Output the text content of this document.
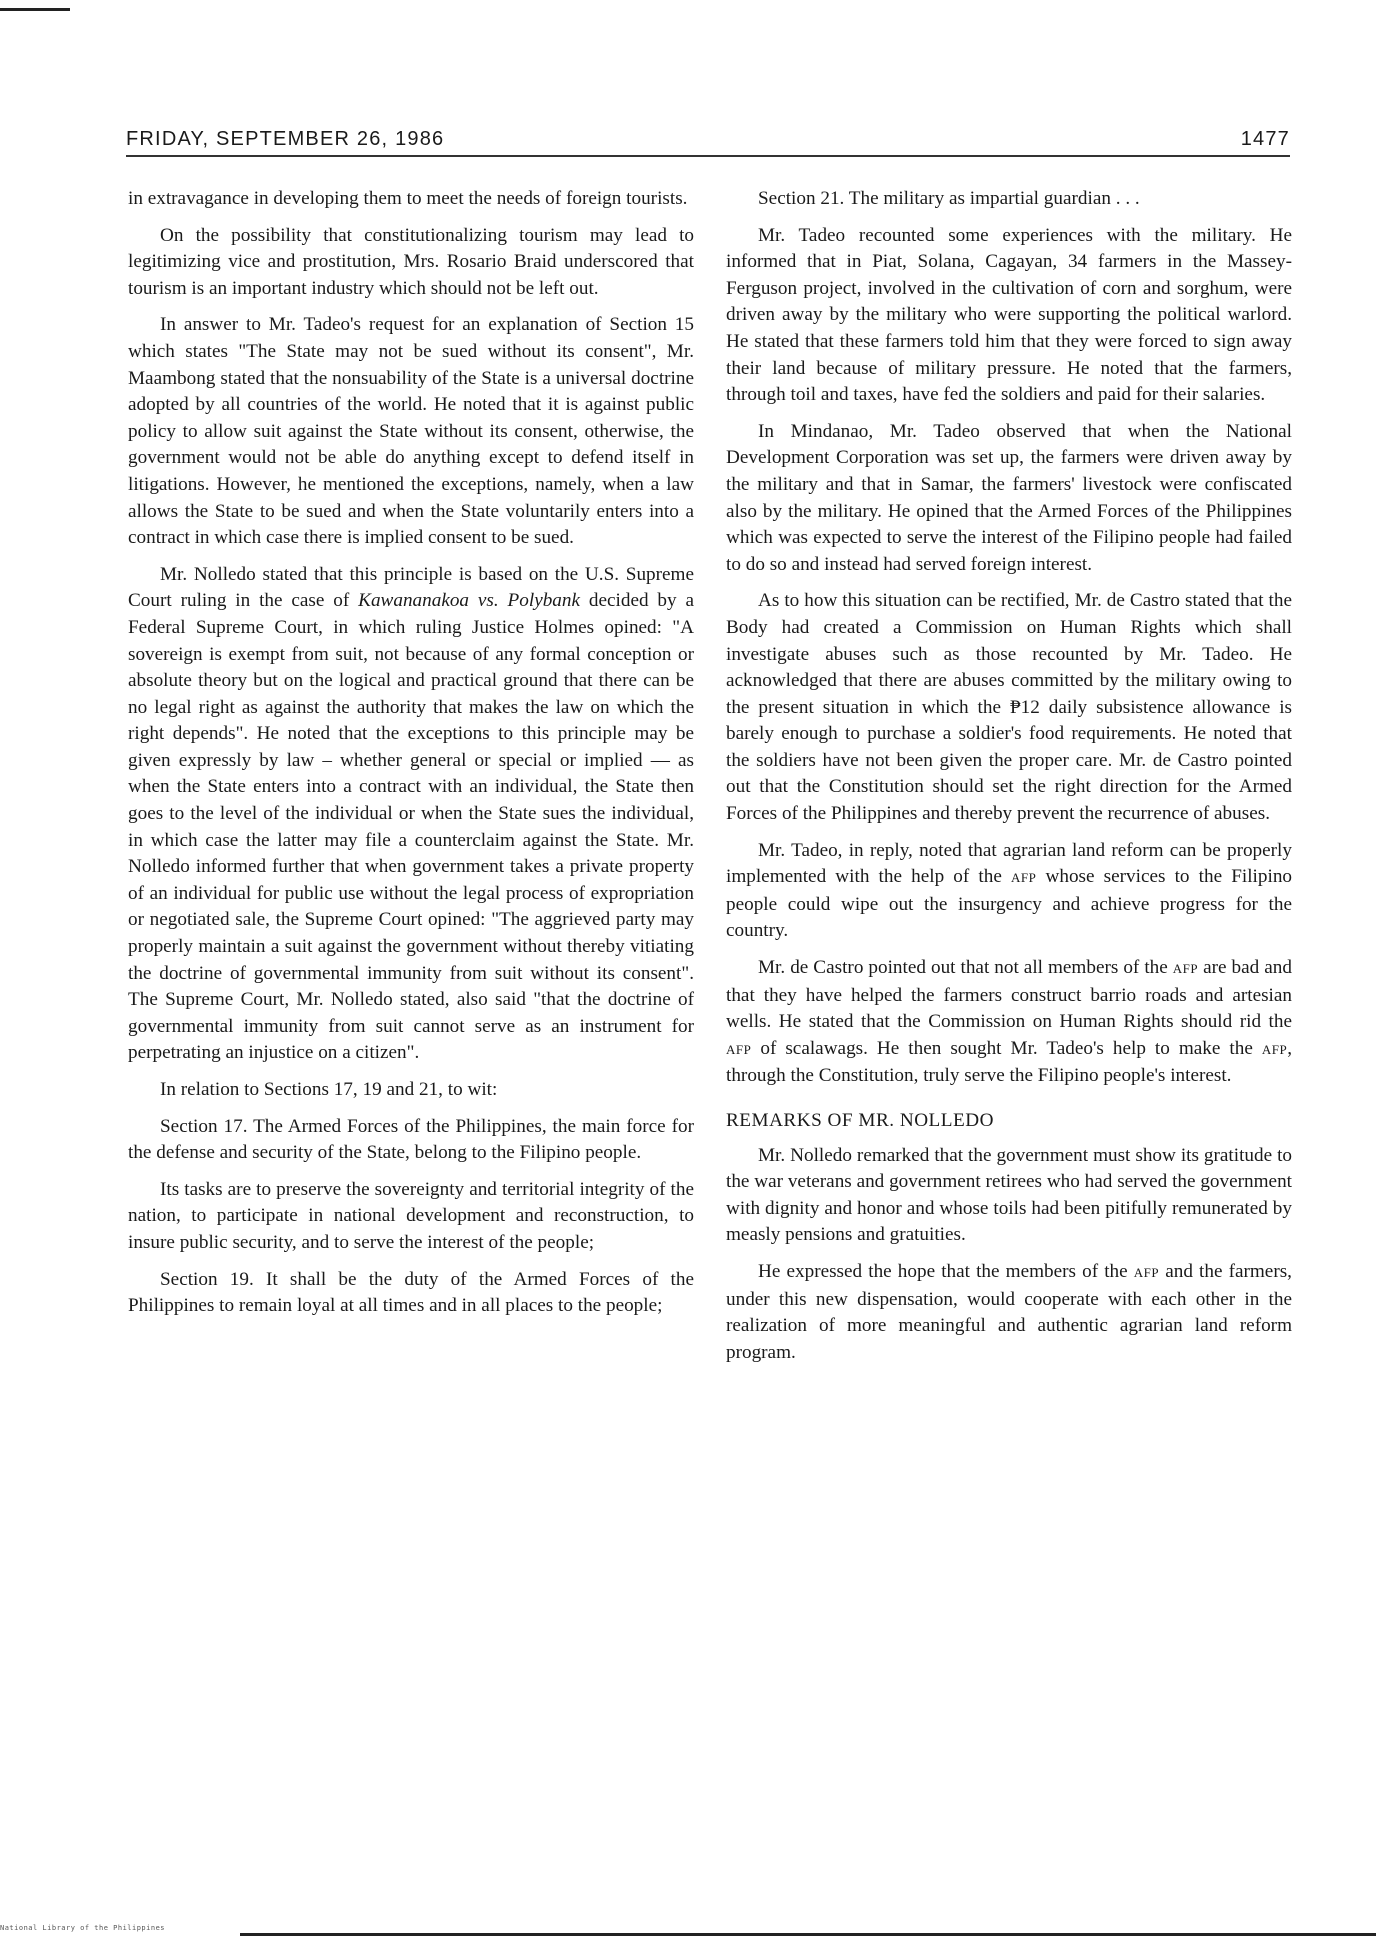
FRIDAY, SEPTEMBER 26, 1986	1477

in extravagance in developing them to meet the needs of foreign tourists.

On the possibility that constitutionalizing tourism may lead to legitimizing vice and prostitution, Mrs. Rosario Braid underscored that tourism is an important industry which should not be left out.

In answer to Mr. Tadeo's request for an explanation of Section 15 which states "The State may not be sued without its consent", Mr. Maambong stated that the nonsuability of the State is a universal doctrine adopted by all countries of the world. He noted that it is against public policy to allow suit against the State without its consent, otherwise, the government would not be able do anything except to defend itself in litigations. However, he mentioned the exceptions, namely, when a law allows the State to be sued and when the State voluntarily enters into a contract in which case there is implied consent to be sued.

Mr. Nolledo stated that this principle is based on the U.S. Supreme Court ruling in the case of Kawananakoa vs. Polybank decided by a Federal Supreme Court, in which ruling Justice Holmes opined: "A sovereign is exempt from suit, not because of any formal conception or absolute theory but on the logical and practical ground that there can be no legal right as against the authority that makes the law on which the right depends". He noted that the exceptions to this principle may be given expressly by law – whether general or special or implied — as when the State enters into a contract with an individual, the State then goes to the level of the individual or when the State sues the individual, in which case the latter may file a counterclaim against the State. Mr. Nolledo informed further that when government takes a private property of an individual for public use without the legal process of expropriation or negotiated sale, the Supreme Court opined: "The aggrieved party may properly maintain a suit against the government without thereby vitiating the doctrine of governmental immunity from suit without its consent". The Supreme Court, Mr. Nolledo stated, also said "that the doctrine of governmental immunity from suit cannot serve as an instrument for perpetrating an injustice on a citizen".

In relation to Sections 17, 19 and 21, to wit:

Section 17. The Armed Forces of the Philippines, the main force for the defense and security of the State, belong to the Filipino people.

Its tasks are to preserve the sovereignty and territorial integrity of the nation, to participate in national development and reconstruction, to insure public security, and to serve the interest of the people;

Section 19. It shall be the duty of the Armed Forces of the Philippines to remain loyal at all times and in all places to the people;

Section 21. The military as impartial guardian . . .

Mr. Tadeo recounted some experiences with the military. He informed that in Piat, Solana, Cagayan, 34 farmers in the Massey-Ferguson project, involved in the cultivation of corn and sorghum, were driven away by the military who were supporting the political warlord. He stated that these farmers told him that they were forced to sign away their land because of military pressure. He noted that the farmers, through toil and taxes, have fed the soldiers and paid for their salaries.

In Mindanao, Mr. Tadeo observed that when the National Development Corporation was set up, the farmers were driven away by the military and that in Samar, the farmers' livestock were confiscated also by the military. He opined that the Armed Forces of the Philippines which was expected to serve the interest of the Filipino people had failed to do so and instead had served foreign interest.

As to how this situation can be rectified, Mr. de Castro stated that the Body had created a Commission on Human Rights which shall investigate abuses such as those recounted by Mr. Tadeo. He acknowledged that there are abuses committed by the military owing to the present situation in which the ₱12 daily subsistence allowance is barely enough to purchase a soldier's food requirements. He noted that the soldiers have not been given the proper care. Mr. de Castro pointed out that the Constitution should set the right direction for the Armed Forces of the Philippines and thereby prevent the recurrence of abuses.

Mr. Tadeo, in reply, noted that agrarian land reform can be properly implemented with the help of the AFP whose services to the Filipino people could wipe out the insurgency and achieve progress for the country.

Mr. de Castro pointed out that not all members of the AFP are bad and that they have helped the farmers construct barrio roads and artesian wells. He stated that the Commission on Human Rights should rid the AFP of scalawags. He then sought Mr. Tadeo's help to make the AFP, through the Constitution, truly serve the Filipino people's interest.

REMARKS OF MR. NOLLEDO

Mr. Nolledo remarked that the government must show its gratitude to the war veterans and government retirees who had served the government with dignity and honor and whose toils had been pitifully remunerated by measly pensions and gratuities.

He expressed the hope that the members of the AFP and the farmers, under this new dispensation, would cooperate with each other in the realization of more meaningful and authentic agrarian land reform program.

National Library of the Philippines
